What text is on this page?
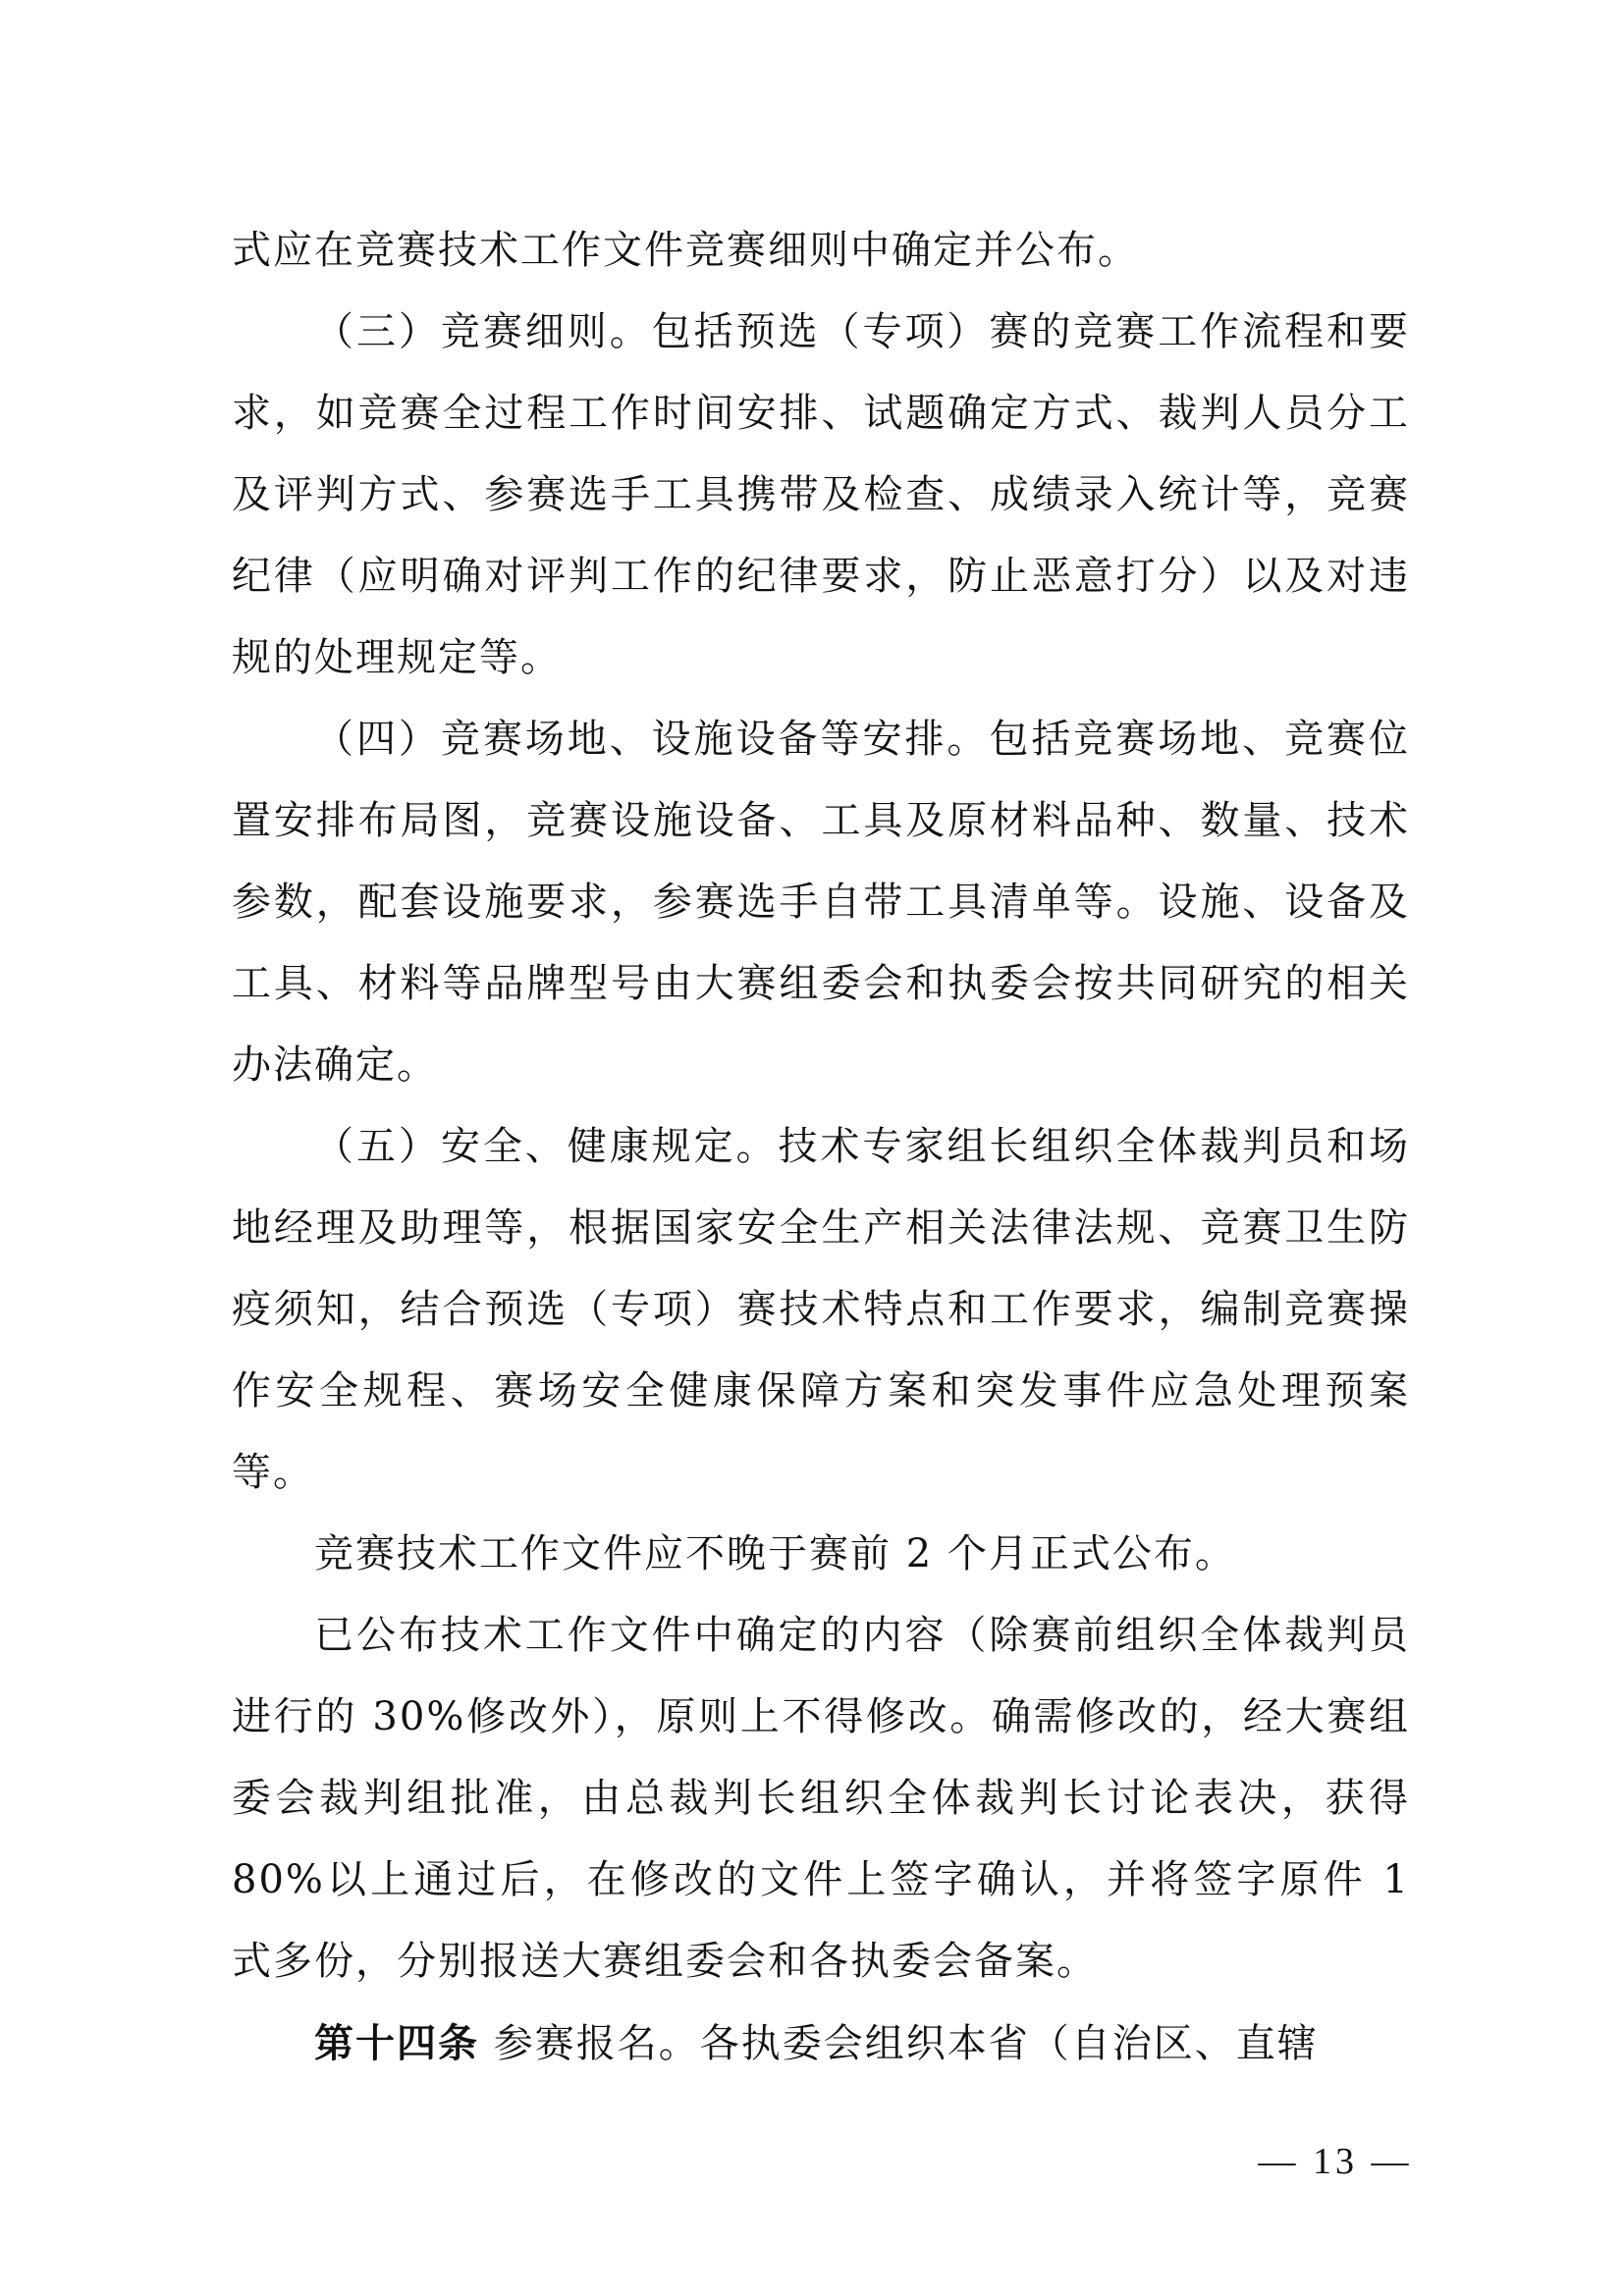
式应在竞赛技术工作文件竞赛细则中确定并公布。

（三）竞赛细则。包括预选（专项）赛的竞赛工作流程和要求，如竞赛全过程工作时间安排、试题确定方式、裁判人员分工及评判方式、参赛选手工具携带及检查、成绩录入统计等，竞赛纪律（应明确对评判工作的纪律要求，防止恶意打分）以及对违规的处理规定等。

（四）竞赛场地、设施设备等安排。包括竞赛场地、竞赛位置安排布局图，竞赛设施设备、工具及原材料品种、数量、技术参数，配套设施要求，参赛选手自带工具清单等。设施、设备及工具、材料等品牌型号由大赛组委会和执委会按共同研究的相关办法确定。

（五）安全、健康规定。技术专家组长组织全体裁判员和场地经理及助理等，根据国家安全生产相关法律法规、竞赛卫生防疫须知，结合预选（专项）赛技术特点和工作要求，编制竞赛操作安全规程、赛场安全健康保障方案和突发事件应急处理预案等。

竞赛技术工作文件应不晚于赛前 2 个月正式公布。

已公布技术工作文件中确定的内容（除赛前组织全体裁判员进行的 30%修改外），原则上不得修改。确需修改的，经大赛组委会裁判组批准，由总裁判长组织全体裁判长讨论表决，获得 80%以上通过后，在修改的文件上签字确认，并将签字原件 1 式多份，分别报送大赛组委会和各执委会备案。

第十四条 参赛报名。各执委会组织本省（自治区、直辖

— 13 —
